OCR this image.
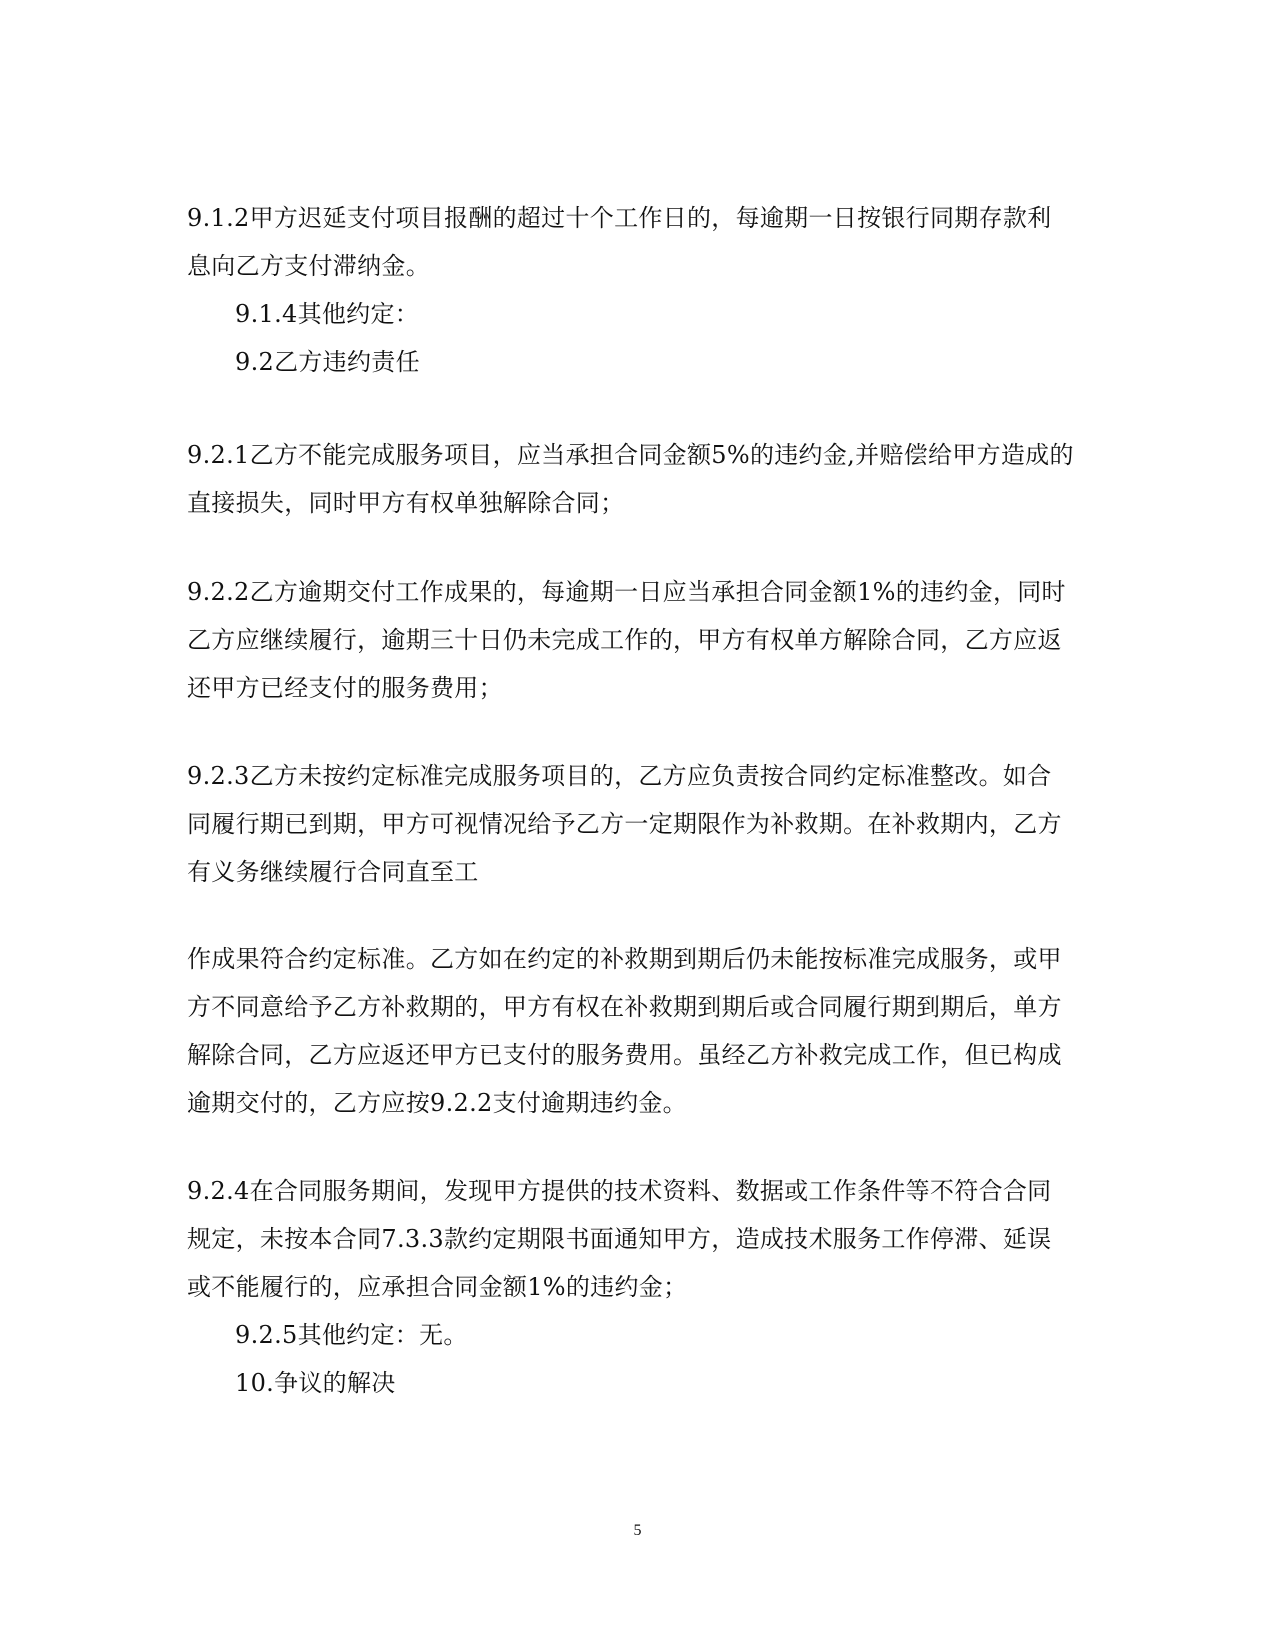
9.1.2甲方迟延支付项目报酬的超过十个工作日的，每逾期一日按银行同期存款利
息向乙方支付滞纳金。
9.1.4其他约定：
9.2乙方违约责任
9.2.1乙方不能完成服务项目，应当承担合同金额5%的违约金,并赔偿给甲方造成的
直接损失，同时甲方有权单独解除合同；
9.2.2乙方逾期交付工作成果的，每逾期一日应当承担合同金额1%的违约金，同时
乙方应继续履行，逾期三十日仍未完成工作的，甲方有权单方解除合同，乙方应返
还甲方已经支付的服务费用；
9.2.3乙方未按约定标准完成服务项目的，乙方应负责按合同约定标准整改。如合
同履行期已到期，甲方可视情况给予乙方一定期限作为补救期。在补救期内，乙方
有义务继续履行合同直至工
作成果符合约定标准。乙方如在约定的补救期到期后仍未能按标准完成服务，或甲
方不同意给予乙方补救期的，甲方有权在补救期到期后或合同履行期到期后，单方
解除合同，乙方应返还甲方已支付的服务费用。虽经乙方补救完成工作，但已构成
逾期交付的，乙方应按9.2.2支付逾期违约金。
9.2.4在合同服务期间，发现甲方提供的技术资料、数据或工作条件等不符合合同
规定，未按本合同7.3.3款约定期限书面通知甲方，造成技术服务工作停滞、延误
或不能履行的，应承担合同金额1%的违约金；
9.2.5其他约定：无。
10.争议的解决
5
